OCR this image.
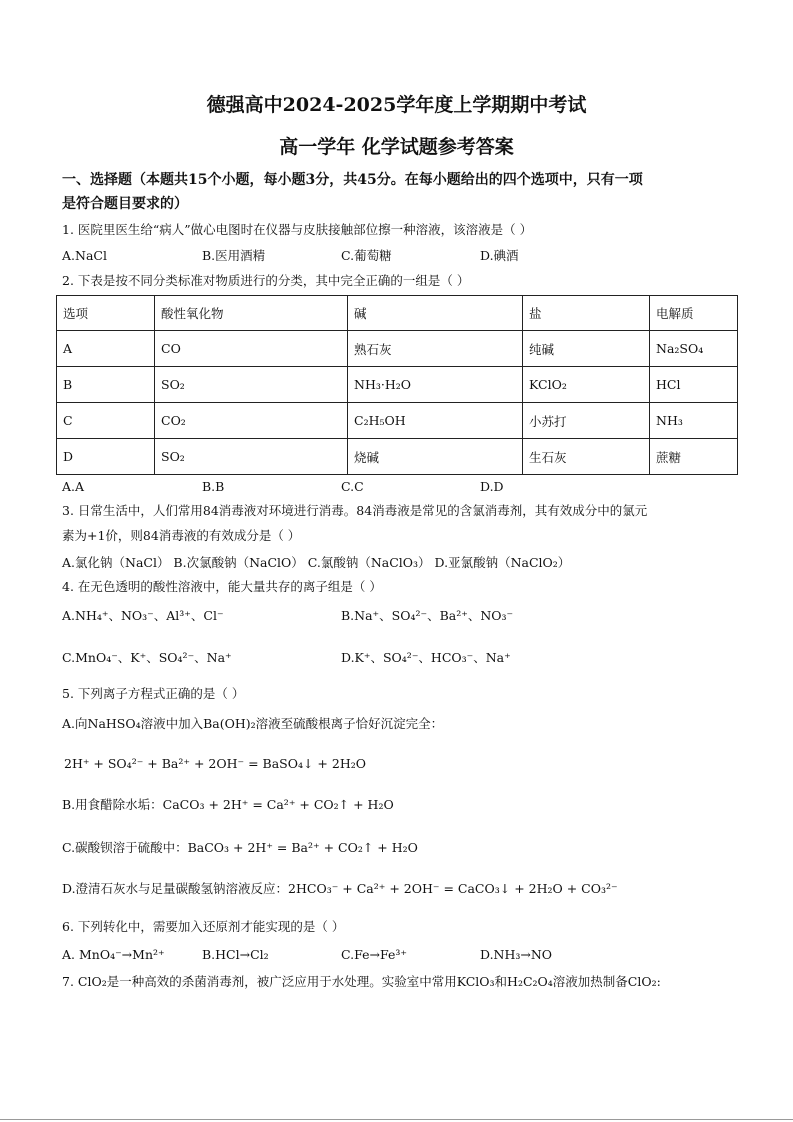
德强高中2024-2025学年度上学期期中考试
高一学年 化学试题参考答案
一、选择题（本题共15个小题，每小题3分，共45分。在每小题给出的四个选项中，只有一项
是符合题目要求的）
1. 医院里医生给“病人”做心电图时在仪器与皮肤接触部位擦一种溶液，该溶液是（ ）
A.NaCl	B.医用酒精	C.葡萄糖	D.碘酒
2. 下表是按不同分类标准对物质进行的分类，其中完全正确的一组是（ ）
选项	酸性氧化物	碱	盐	电解质
A	CO	熟石灰	纯碱	Na₂SO₄
B	SO₂	NH₃·H₂O	KClO₂	HCl
C	CO₂	C₂H₅OH	小苏打	NH₃
D	SO₂	烧碱	生石灰	蔗糖
A.A	B.B	C.C	D.D
3. 日常生活中，人们常用84消毒液对环境进行消毒。84消毒液是常见的含氯消毒剂，其有效成分中的氯元
素为+1价，则84消毒液的有效成分是（ ）
A.氯化钠（NaCl） B.次氯酸钠（NaClO） C.氯酸钠（NaClO₃） D.亚氯酸钠（NaClO₂）
4. 在无色透明的酸性溶液中，能大量共存的离子组是（ ）
A.NH₄⁺、NO₃⁻、Al³⁺、Cl⁻	B.Na⁺、SO₄²⁻、Ba²⁺、NO₃⁻
C.MnO₄⁻、K⁺、SO₄²⁻、Na⁺	D.K⁺、SO₄²⁻、HCO₃⁻、Na⁺
5. 下列离子方程式正确的是（ ）
A.向NaHSO₄溶液中加入Ba(OH)₂溶液至硫酸根离子恰好沉淀完全：
2H⁺ + SO₄²⁻ + Ba²⁺ + 2OH⁻ = BaSO₄↓ + 2H₂O
B.用食醋除水垢：CaCO₃ + 2H⁺ = Ca²⁺ + CO₂↑ + H₂O
C.碳酸钡溶于硫酸中：BaCO₃ + 2H⁺ = Ba²⁺ + CO₂↑ + H₂O
D.澄清石灰水与足量碳酸氢钠溶液反应：2HCO₃⁻ + Ca²⁺ + 2OH⁻ = CaCO₃↓ + 2H₂O + CO₃²⁻
6. 下列转化中，需要加入还原剂才能实现的是（ ）
A. MnO₄⁻→Mn²⁺	B.HCl→Cl₂	C.Fe→Fe³⁺	D.NH₃→NO
7. ClO₂是一种高效的杀菌消毒剂，被广泛应用于水处理。实验室中常用KClO₃和H₂C₂O₄溶液加热制备ClO₂:
